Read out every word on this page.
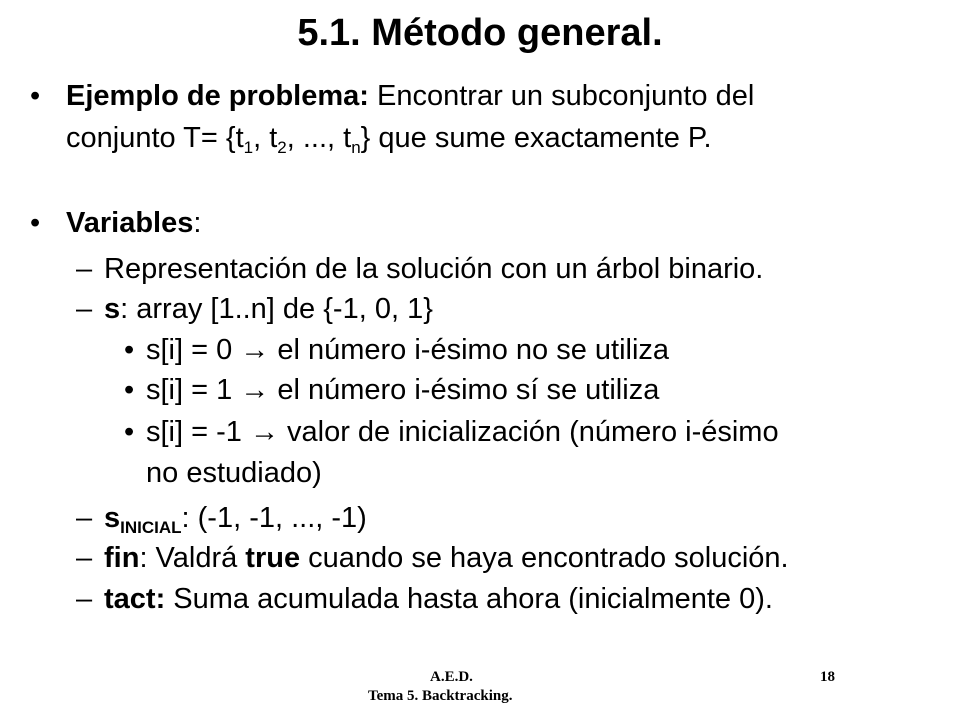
5.1. Método general.
• Ejemplo de problema: Encontrar un subconjunto del
conjunto $T= \{t_1$, $t_2$, ..., $t_n$} que sume exactamente P.
• Variables:
– Representación de la solución con un árbol binario.
– s: array [1..n] de {-1, 0, 1}
• s[i] = 0 → el número i-ésimo no se utiliza
• s[i] = 1 → el número i-ésimo sí se utiliza
• s[i] = -1 → valor de inicialización (número i-ésimo
no estudiado)
– $s_{INICIAL}$: (-1, -1, ..., -1)
– fin: Valdrá true cuando se haya encontrado solución.
– tact: Suma acumulada hasta ahora (inicialmente 0).
A.E.D.
Tema 5. Backtracking.
18
